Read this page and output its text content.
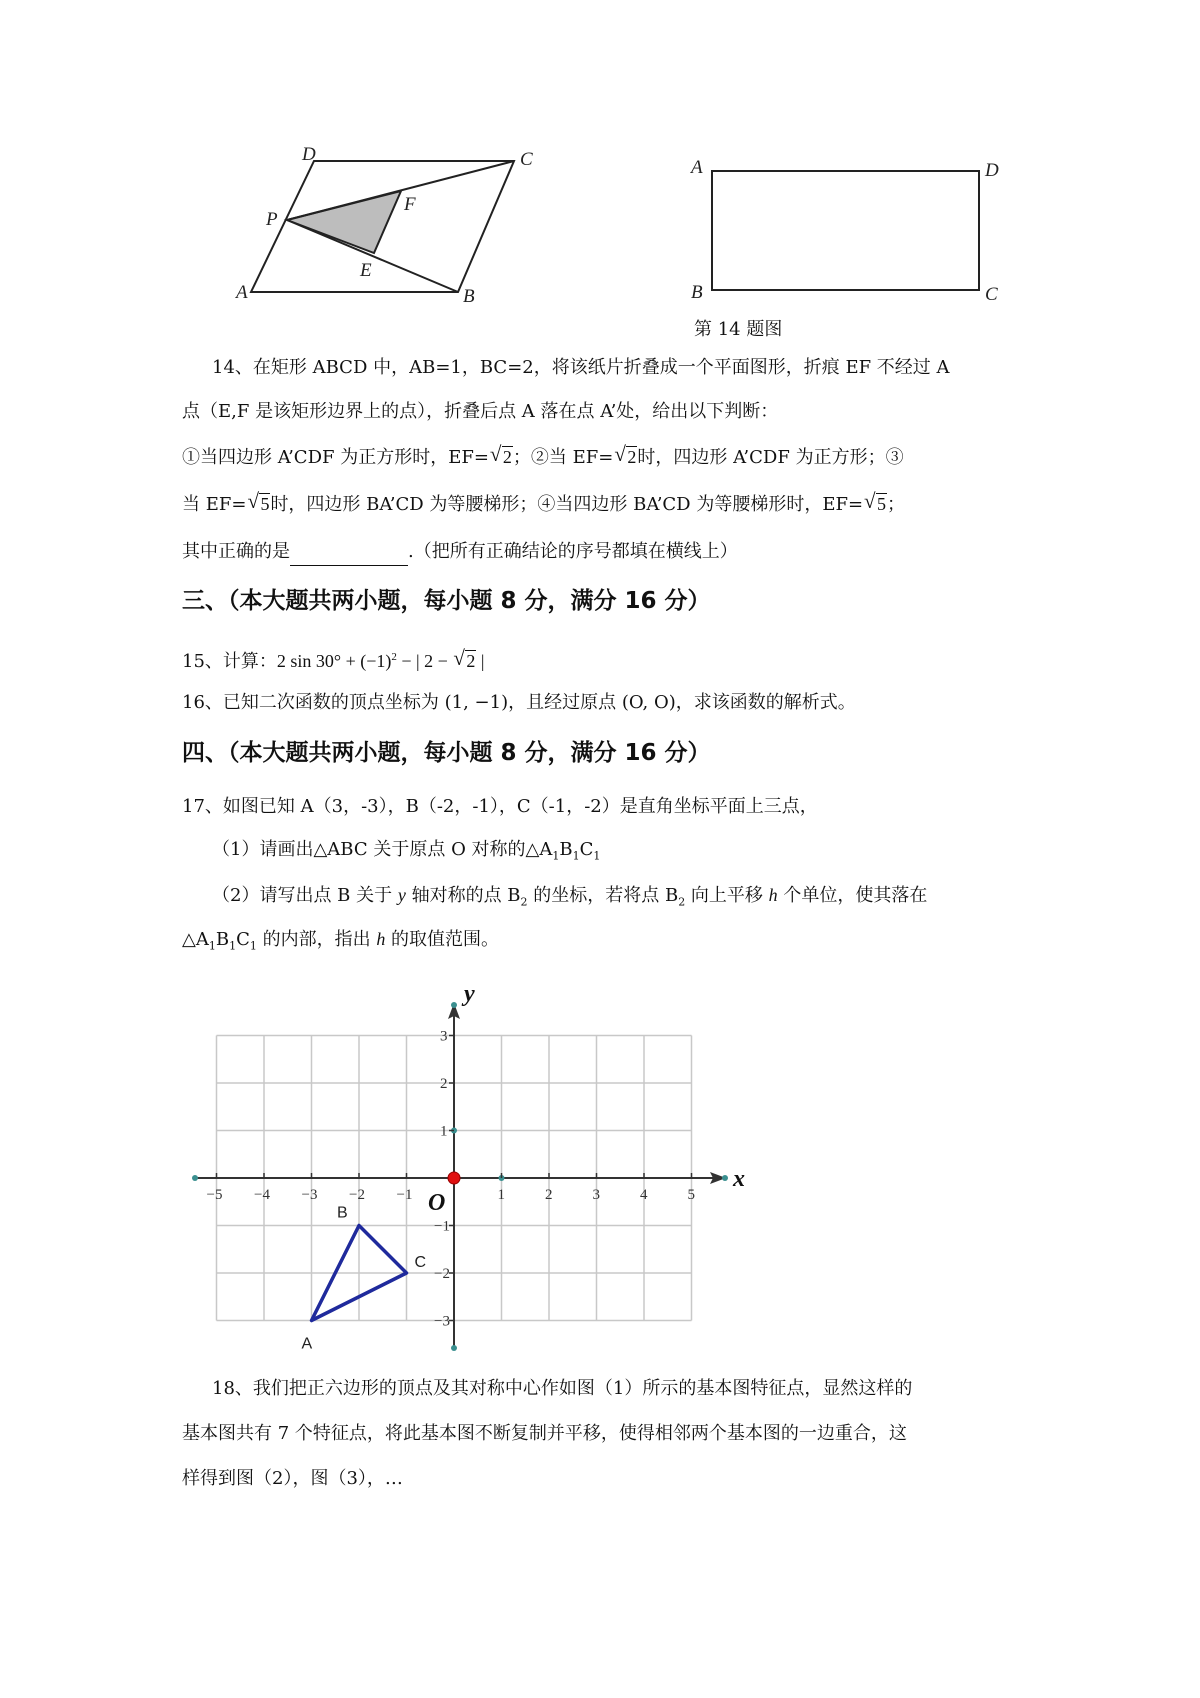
D	C
P
F
E
A	B
A	D
B	C
第 14 题图
14、在矩形 ABCD 中，AB=1，BC=2，将该纸片折叠成一个平面图形，折痕 EF 不经过 A
点（E,F 是该矩形边界上的点），折叠后点 A 落在点 A’处，给出以下判断：
①当四边形 A’CDF 为正方形时，EF= √ 2；②当 EF= √ 2时，四边形 A’CDF 为正方形；③
当 EF= √ 5时，四边形 BA’CD 为等腰梯形；④当四边形 BA’CD 为等腰梯形时，EF= √ 5；
其中正确的是	.（把所有正确结论的序号都填在横线上）
三、（本大题共两小题，每小题 8 分，满分 16 分）
15、计算：2 $\sin 30^\circ + (-1)^2$ − | 2 − √ 2 |
16、已知二次函数的顶点坐标为 (1, −1)，且经过原点 (O, O)，求该函数的解析式。
四、（本大题共两小题，每小题 8 分，满分 16 分）
17、如图已知 A（3，-3），B（-2，-1），C（-1，-2）是直角坐标平面上三点，
（1）请画出△ABC 关于原点 O 对称的$\triangle A_1B_1C_1$
（2）请写出点 B 关于 y 轴对称的点 $B_2$ 的坐标，若将点 $B_2$ 向上平移 h 个单位，使其落在
$\triangle A_1B_1C_1$ 的内部，指出 h 的取值范围。
−5 −4 −3 −2 −1	1	2	3	4	5
3
2
1
−1
−2
−3
A
B
C
x
y
O
18、我们把正六边形的顶点及其对称中心作如图（1）所示的基本图特征点，显然这样的
基本图共有 7 个特征点，将此基本图不断复制并平移，使得相邻两个基本图的一边重合，这
样得到图（2），图（3），…
